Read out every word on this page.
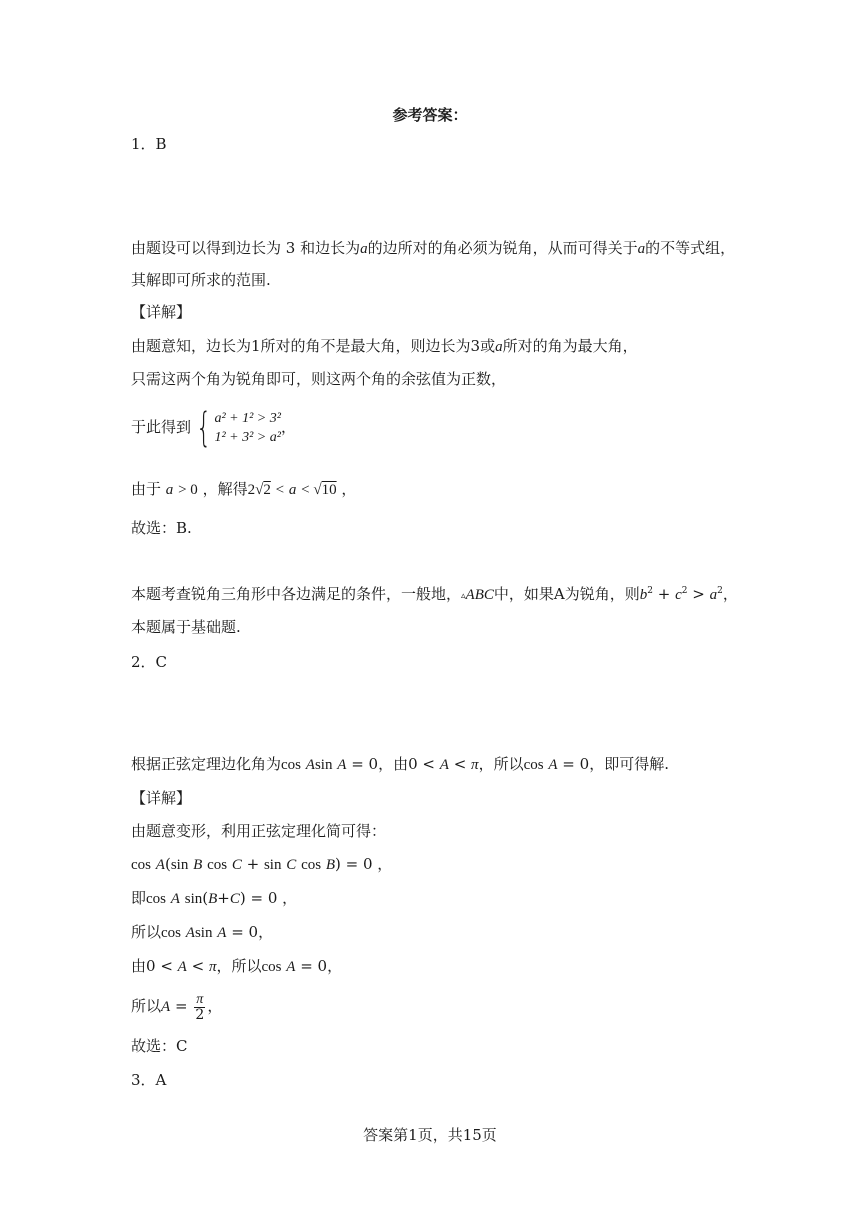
参考答案：
1．B
由题设可以得到边长为 3 和边长为a的边所对的角必须为锐角，从而可得关于a的不等式组，
其解即可所求的范围.
【详解】
由题意知，边长为1所对的角不是最大角，则边长为3或a所对的角为最大角，
只需这两个角为锐角即可，则这两个角的余弦值为正数，
于此得到 { a² + 1² > 3²
1² + 3² > a²
，
由于 a > 0 ，解得2√2 < a < √10 ，
故选：B.
本题考查锐角三角形中各边满足的条件，一般地，▵ABC中，如果A为锐角，则$b^2 + c^2 > a^2$，
本题属于基础题.
2．C
根据正弦定理边化角为cos Asin A = 0，由0 < A < π，所以cos A = 0，即可得解.
【详解】
由题意变形，利用正弦定理化简可得：
cos A(sin B cos C + sin C cos B) = 0 ，
即cos A sin(B+C) = 0 ，
所以cos Asin A = 0，
由0 < A < π，所以cos A = 0，
所以$A = \frac{\pi}{2}$ ，
故选：C
3．A
答案第1页，共15页
